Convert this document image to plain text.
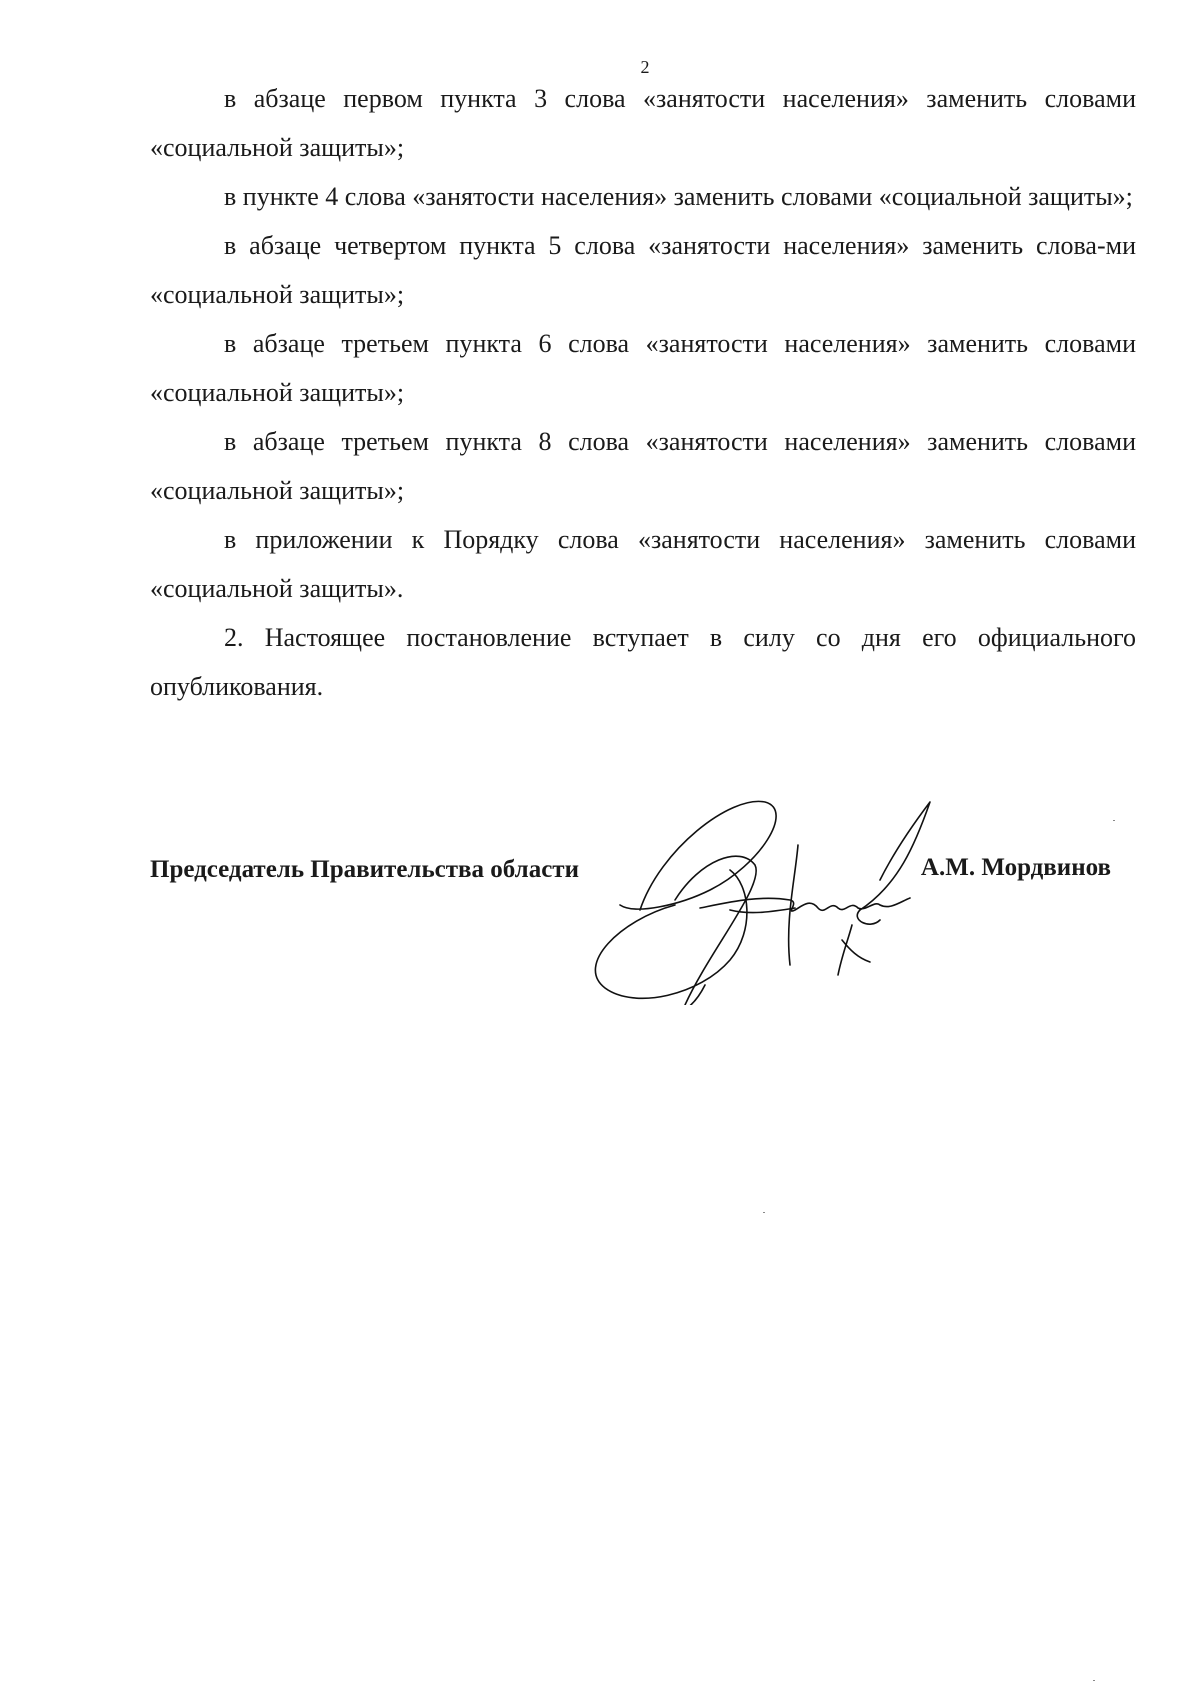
2

в абзаце первом пункта 3 слова «занятости населения» заменить словами «социальной защиты»;

в пункте 4 слова «занятости населения» заменить словами «социальной защиты»;

в абзаце четвертом пункта 5 слова «занятости населения» заменить слова-ми «социальной защиты»;

в абзаце третьем пункта 6 слова «занятости населения» заменить словами «социальной защиты»;

в абзаце третьем пункта 8 слова «занятости населения» заменить словами «социальной защиты»;

в приложении к Порядку слова «занятости населения» заменить словами «социальной защиты».

2. Настоящее постановление вступает в силу со дня его официального опубликования.

Председатель Правительства области	А.М. Мордвинов
